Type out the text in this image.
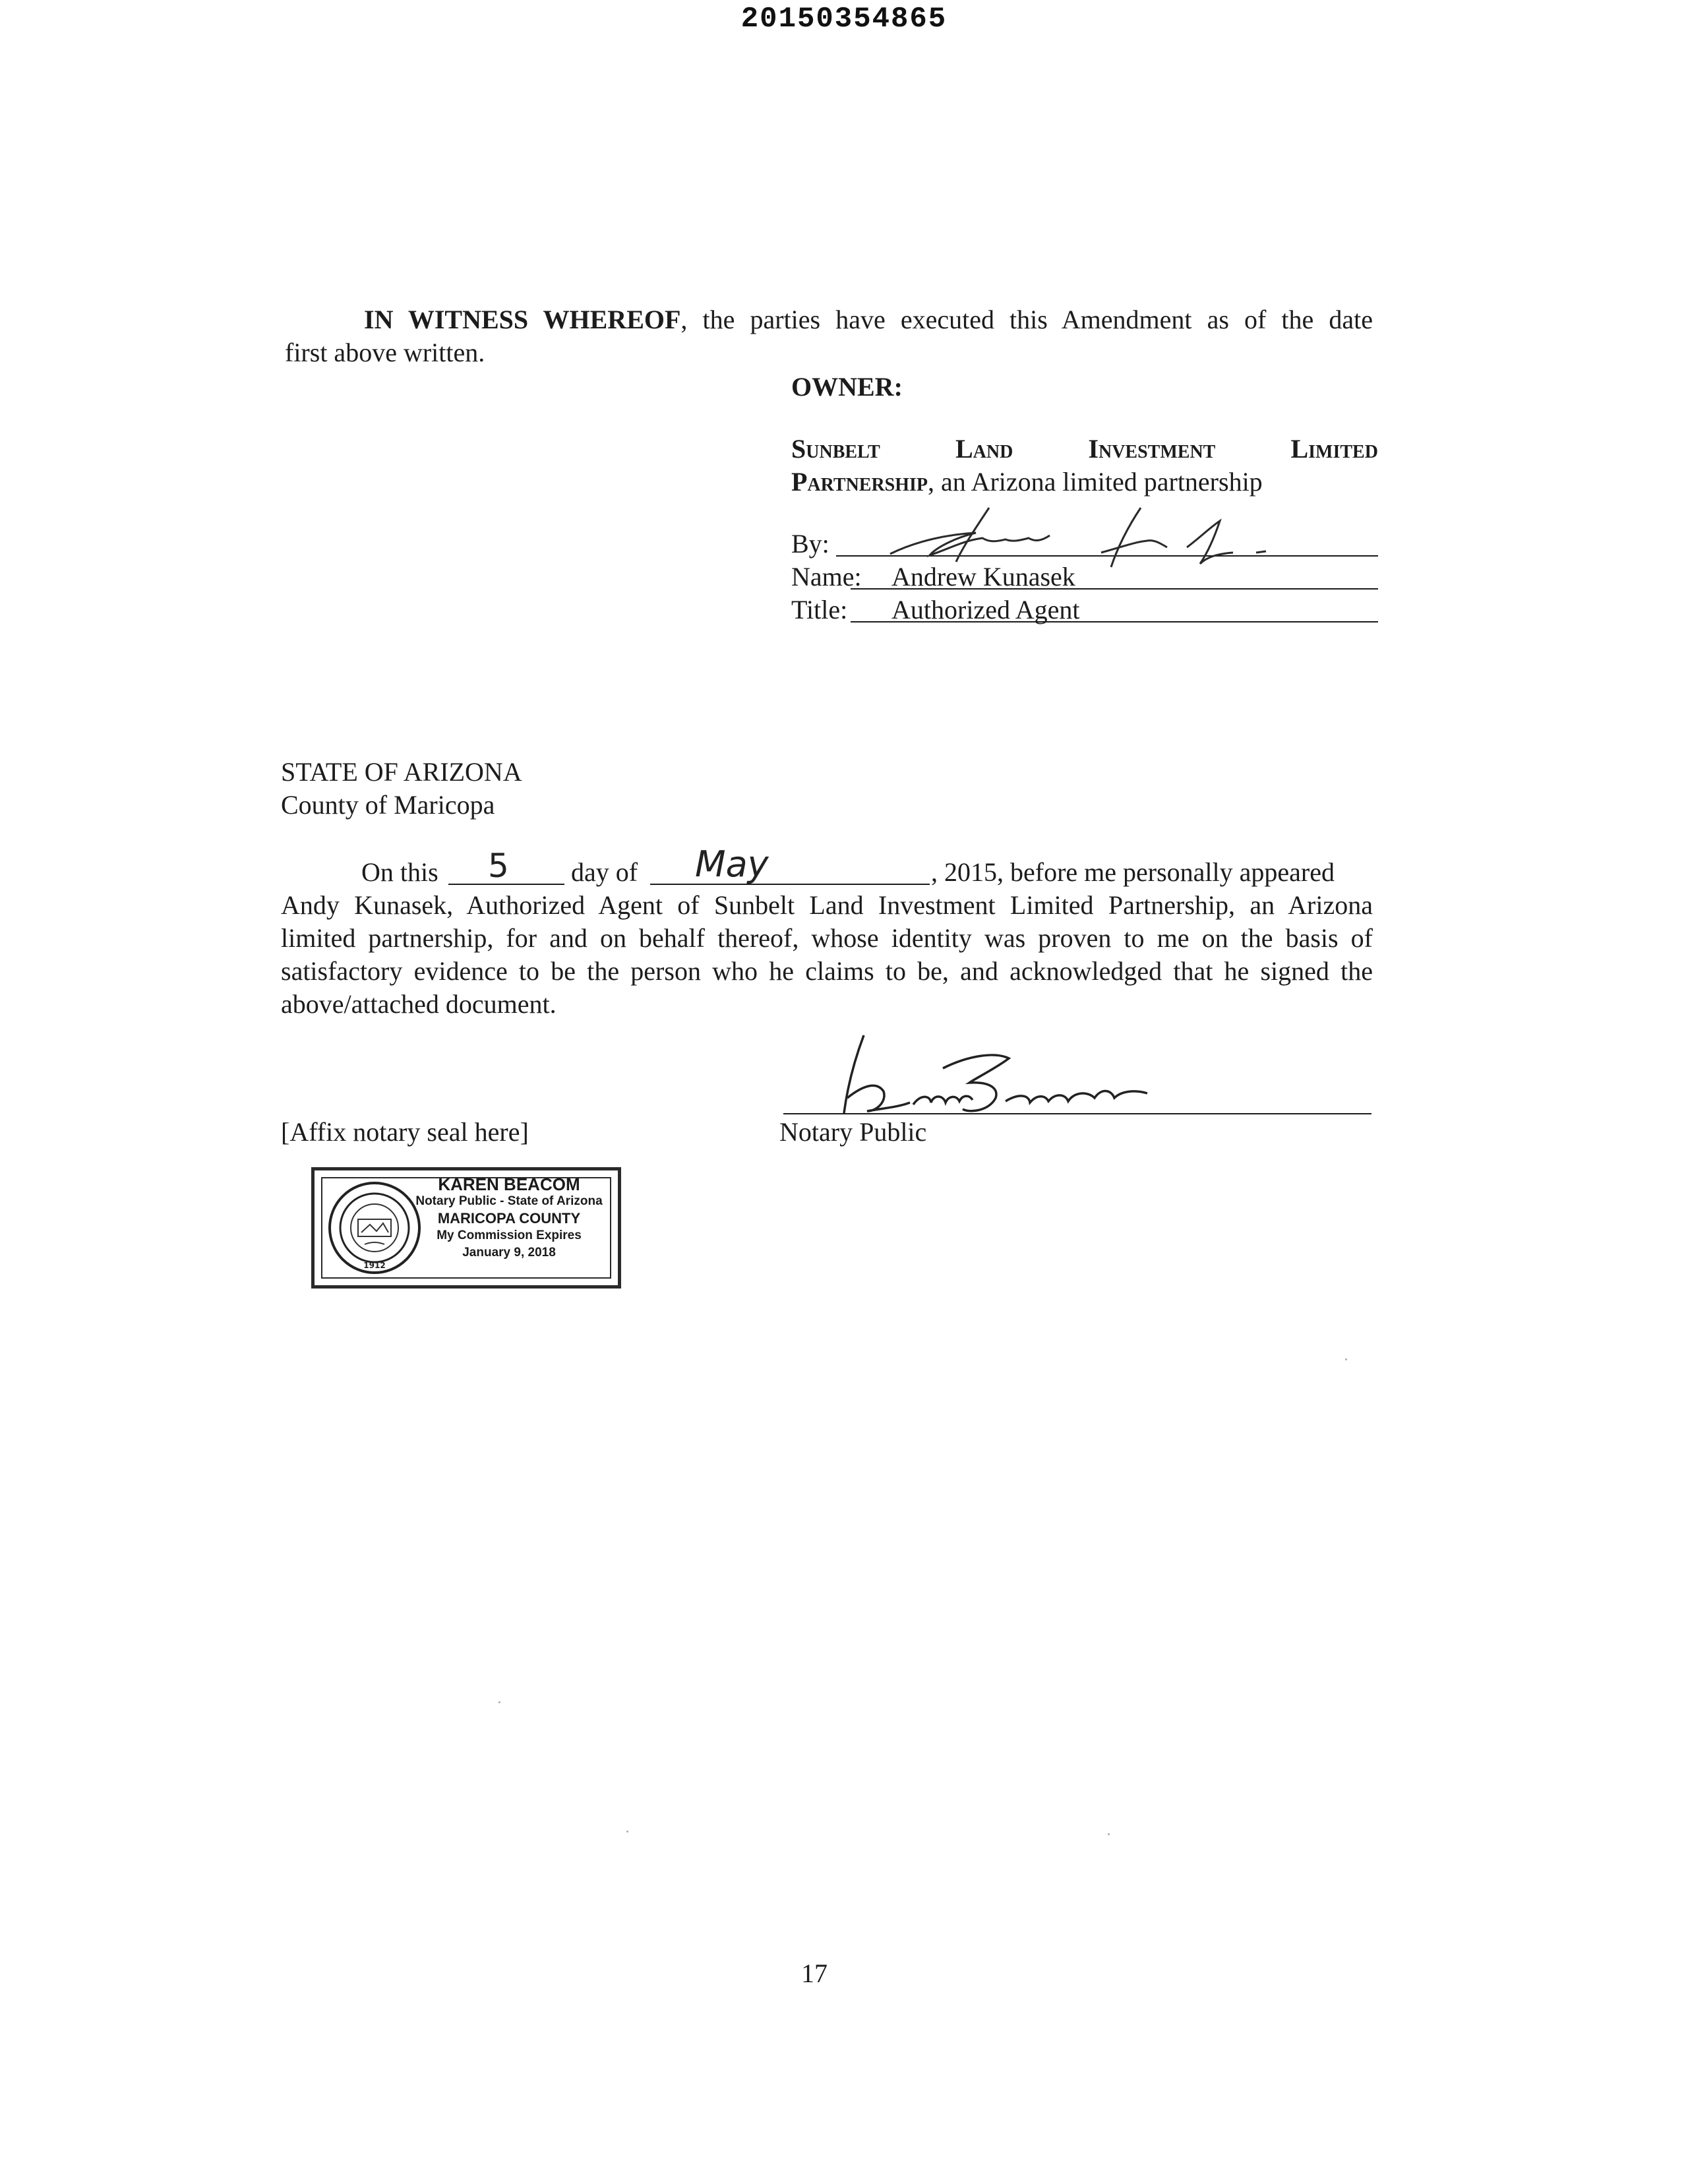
20150354865
IN WITNESS WHEREOF, the parties have executed this Amendment as of the date
first above written.
OWNER:
Sunbelt	Land	Investment	Limited
Partnership, an Arizona limited partnership
By:
Name: Andrew Kunasek
Title: Authorized Agent
STATE OF ARIZONA
County of Maricopa
On this 5 day of May	, 2015, before me personally appeared
Andy Kunasek, Authorized Agent of Sunbelt Land Investment Limited Partnership, an Arizona
limited partnership, for and on behalf thereof, whose identity was proven to me on the basis of
satisfactory evidence to be the person who he claims to be, and acknowledged that he signed the
above/attached document.
Notary Public
[Affix notary seal here]
1912
KAREN BEACOM
Notary Public - State of Arizona
MARICOPA COUNTY
My Commission Expires
January 9, 2018
17
